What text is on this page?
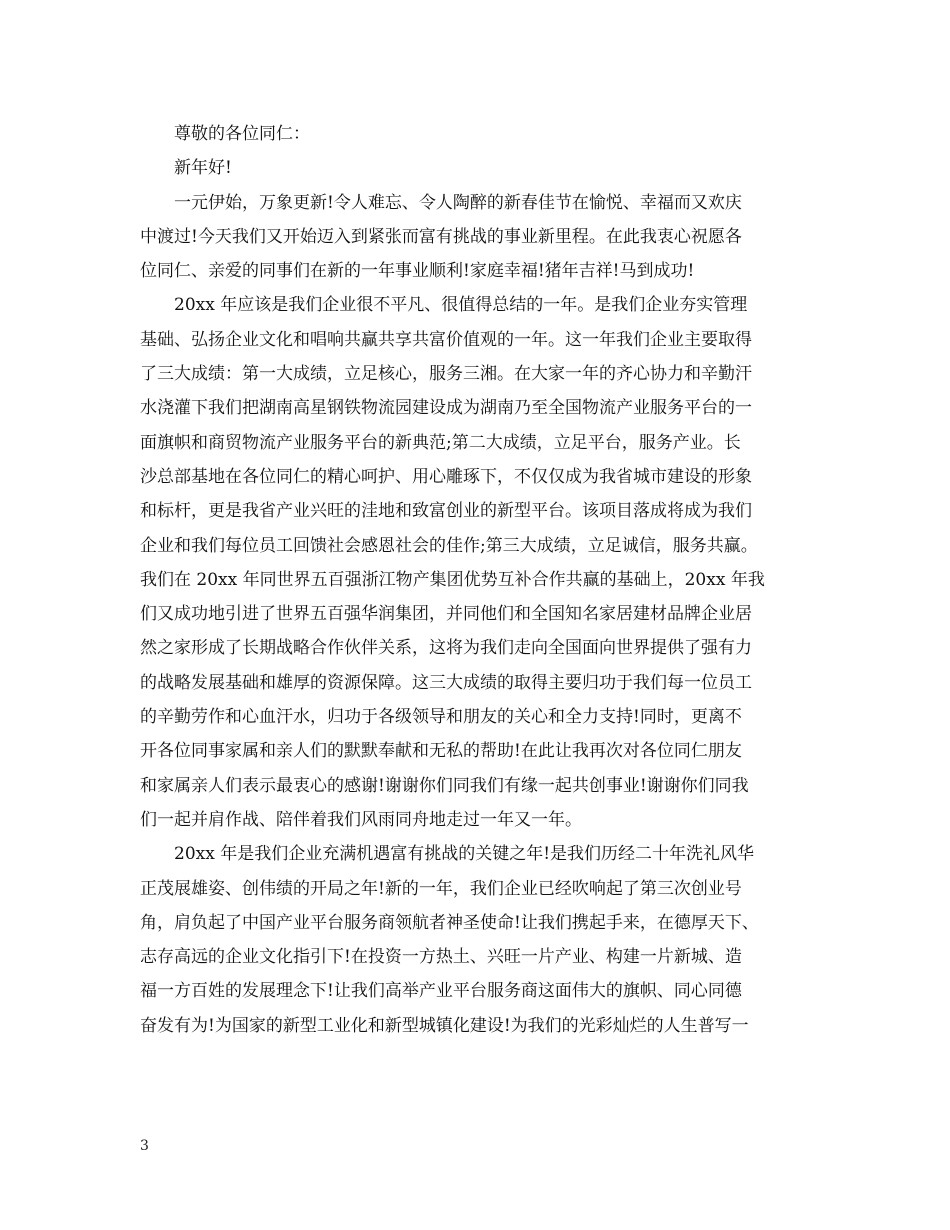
尊敬的各位同仁：
新年好!
一元伊始，万象更新!令人难忘、令人陶醉的新春佳节在愉悦、幸福而又欢庆
中渡过!今天我们又开始迈入到紧张而富有挑战的事业新里程。在此我衷心祝愿各
位同仁、亲爱的同事们在新的一年事业顺利!家庭幸福!猪年吉祥!马到成功!
20xx 年应该是我们企业很不平凡、很值得总结的一年。是我们企业夯实管理
基础、弘扬企业文化和唱响共赢共享共富价值观的一年。这一年我们企业主要取得
了三大成绩：第一大成绩，立足核心，服务三湘。在大家一年的齐心协力和辛勤汗
水浇灌下我们把湖南高星钢铁物流园建设成为湖南乃至全国物流产业服务平台的一
面旗帜和商贸物流产业服务平台的新典范;第二大成绩，立足平台，服务产业。长
沙总部基地在各位同仁的精心呵护、用心雕琢下，不仅仅成为我省城市建设的形象
和标杆，更是我省产业兴旺的洼地和致富创业的新型平台。该项目落成将成为我们
企业和我们每位员工回馈社会感恩社会的佳作;第三大成绩，立足诚信，服务共赢。
我们在 20xx 年同世界五百强浙江物产集团优势互补合作共赢的基础上，20xx 年我
们又成功地引进了世界五百强华润集团，并同他们和全国知名家居建材品牌企业居
然之家形成了长期战略合作伙伴关系，这将为我们走向全国面向世界提供了强有力
的战略发展基础和雄厚的资源保障。这三大成绩的取得主要归功于我们每一位员工
的辛勤劳作和心血汗水，归功于各级领导和朋友的关心和全力支持!同时，更离不
开各位同事家属和亲人们的默默奉献和无私的帮助!在此让我再次对各位同仁朋友
和家属亲人们表示最衷心的感谢!谢谢你们同我们有缘一起共创事业!谢谢你们同我
们一起并肩作战、陪伴着我们风雨同舟地走过一年又一年。
20xx 年是我们企业充满机遇富有挑战的关键之年!是我们历经二十年洗礼风华
正茂展雄姿、创伟绩的开局之年!新的一年，我们企业已经吹响起了第三次创业号
角，肩负起了中国产业平台服务商领航者神圣使命!让我们携起手来，在德厚天下、
志存高远的企业文化指引下!在投资一方热土、兴旺一片产业、构建一片新城、造
福一方百姓的发展理念下!让我们高举产业平台服务商这面伟大的旗帜、同心同德
奋发有为!为国家的新型工业化和新型城镇化建设!为我们的光彩灿烂的人生普写一
3
